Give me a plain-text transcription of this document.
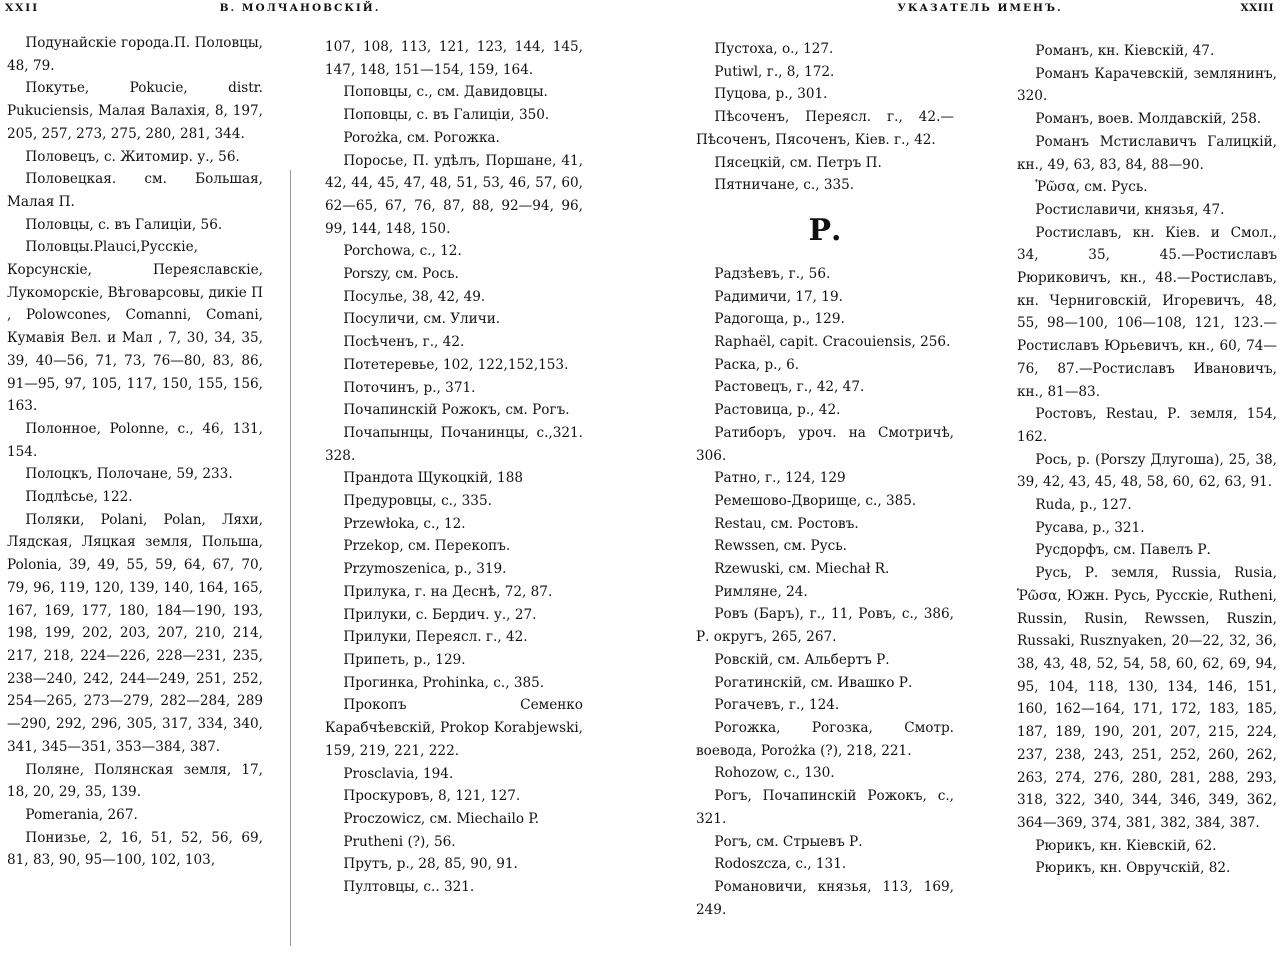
XXII	В. МОЛЧАНОВСКІЙ.
Подунайскіе города.П. Половцы, 48, 79.
Покутье, Pokucie, distr. Pukuciensis, Малая Валахія, 8, 197, 205, 257, 273, 275, 280, 281, 344.
Половецъ, с. Житомир. у., 56.
Половецкая. см. Большая, Малая П.
Половцы, с. въ Галиціи, 56.
Половцы.Plauci,Русскіе, Корсунскіе, Переяславскіе, Лукоморскіе, Вѣговарсовы, дикіе П , Polowcones, Comanni, Comani, Кумавія Вел. и Мал , 7, 30, 34, 35, 39, 40—56, 71, 73, 76—80, 83, 86, 91—95, 97, 105, 117, 150, 155, 156, 163.
Полонное, Polonne, с., 46, 131, 154.
Полоцкъ, Полочане, 59, 233.
Подлѣсье, 122.
Поляки, Polani, Polan, Ляхи, Лядская, Ляцкая земля, Польша, Polonia, 39, 49, 55, 59, 64, 67, 70, 79, 96, 119, 120, 139, 140, 164, 165, 167, 169, 177, 180, 184—190, 193, 198, 199, 202, 203, 207, 210, 214, 217, 218, 224—226, 228—231, 235, 238—240, 242, 244—249, 251, 252, 254—265, 273—279, 282—284, 289—290, 292, 296, 305, 317, 334, 340, 341, 345—351, 353—384, 387.
Поляне, Полянская земля, 17, 18, 20, 29, 35, 139.
Pomerania, 267.
Понизье, 2, 16, 51, 52, 56, 69, 81, 83, 90, 95—100, 102, 103,
107, 108, 113, 121, 123, 144, 145, 147, 148, 151—154, 159, 164.
Поповцы, с., см. Давидовцы.
Поповцы, с. въ Галиціи, 350.
Porożka, см. Рогожка.
Поросье, П. удѣлъ, Поршане, 41, 42, 44, 45, 47, 48, 51, 53, 46, 57, 60, 62—65, 67, 76, 87, 88, 92—94, 96, 99, 144, 148, 150.
Porchowa, с., 12.
Porszy, см. Рось.
Посулье, 38, 42, 49.
Посуличи, см. Уличи.
Посѣченъ, г., 42.
Потетеревье, 102, 122,152,153.
Поточинъ, р., 371.
Почапинскій Рожокъ, см. Рогъ.
Почапынцы, Почанинцы, с.,321. 328.
Прандота Щукоцкій, 188
Предуровцы, с., 335.
Przewłoka, с., 12.
Przekop, см. Перекопъ.
Przymoszenica, р., 319.
Прилука, г. на Деснѣ, 72, 87.
Прилуки, с. Бердич. у., 27.
Прилуки, Переясл. г., 42.
Припеть, р., 129.
Прогинка, Prohinka, с., 385.
Прокопъ Семенко Карабчѣевскій, Prokop Korabjewski, 159, 219, 221, 222.
Prosclavia, 194.
Проскуровъ, 8, 121, 127.
Proczowicz, см. Miechailo P.
Prutheni (?), 56.
Прутъ, р., 28, 85, 90, 91.
Пултовцы, с.. 321.
УКАЗАТЕЛЬ ИМЕНЪ.	XXIII
Пустоха, о., 127.
Putiwl, г., 8, 172.
Пуцова, р., 301.
Пѣсоченъ, Переясл. г., 42.—Пѣсоченъ, Пясоченъ, Кіев. г., 42.
Пясецкій, см. Петръ П.
Пятничане, с., 335.
Р.
Радзѣевъ, г., 56.
Радимичи, 17, 19.
Радогоща, р., 129.
Raphaël, capit. Cracouiensis, 256.
Раска, р., 6.
Растовецъ, г., 42, 47.
Растовица, р., 42.
Ратиборъ, уроч. на Смотричѣ, 306.
Ратно, г., 124, 129
Ремешово-Дворище, с., 385.
Restau, см. Ростовъ.
Rewssen, см. Русь.
Rzewuski, см. Miechał R.
Римляне, 24.
Ровъ (Баръ), г., 11, Ровъ, с., 386, Р. округъ, 265, 267.
Ровскій, см. Альбертъ Р.
Рогатинскій, см. Ивашко Р.
Рогачевъ, г., 124.
Рогожка, Рогозка, Смотр. воевода, Porożka (?), 218, 221.
Rohozow, с., 130.
Рогъ, Почапинскій Рожокъ, с., 321.
Рогъ, см. Стрыевъ Р.
Rodoszcza, с., 131.
Романовичи, князья, 113, 169, 249.
Романъ, кн. Кіевскій, 47.
Романъ Карачевскій, землянинъ, 320.
Романъ, воев. Молдавскій, 258.
Романъ Мстиславичъ Галицкій, кн., 49, 63, 83, 84, 88—90.
Ῥῶσα, см. Русь.
Ростиславичи, князья, 47.
Ростиславъ, кн. Кіев. и Смол., 34, 35, 45.—Ростиславъ Рюриковичъ, кн., 48.—Ростиславъ, кн. Черниговскій, Игоревичъ, 48, 55, 98—100, 106—108, 121, 123.—Ростиславъ Юрьевичъ, кн., 60, 74—76, 87.—Ростиславъ Ивановичъ, кн., 81—83.
Ростовъ, Restau, Р. земля, 154, 162.
Рось, р. (Porszy Длугоша), 25, 38, 39, 42, 43, 45, 48, 58, 60, 62, 63, 91.
Ruda, р., 127.
Русава, р., 321.
Русдорфъ, см. Павелъ Р.
Русь, Р. земля, Russia, Rusia, Ῥῶσα, Южн. Русь, Русскіе, Rutheni, Russin, Rusin, Rewssen, Ruszin, Russaki, Rusznyaken, 20—22, 32, 36, 38, 43, 48, 52, 54, 58, 60, 62, 69, 94, 95, 104, 118, 130, 134, 146, 151, 160, 162—164, 171, 172, 183, 185, 187, 189, 190, 201, 207, 215, 224, 237, 238, 243, 251, 252, 260, 262, 263, 274, 276, 280, 281, 288, 293, 318, 322, 340, 344, 346, 349, 362, 364—369, 374, 381, 382, 384, 387.
Рюрикъ, кн. Кіевскій, 62.
Рюрикъ, кн. Овручскій, 82.
